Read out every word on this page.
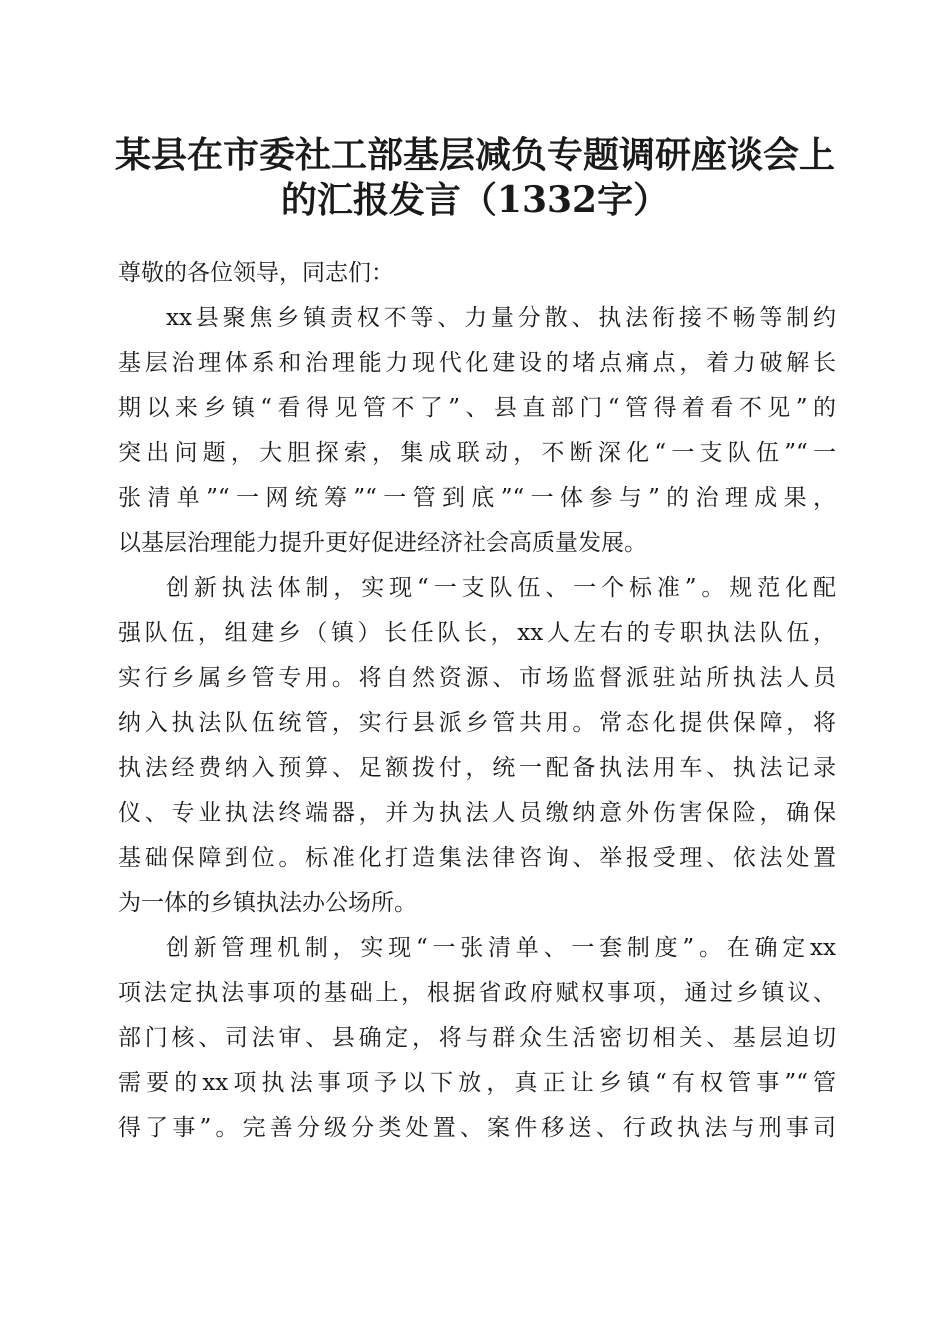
某县在市委社工部基层减负专题调研座谈会上
的汇报发言（1332字）
尊敬的各位领导，同志们：
xx县聚焦乡镇责权不等、力量分散、执法衔接不畅等制约
基层治理体系和治理能力现代化建设的堵点痛点，着力破解长
期以来乡镇“看得见管不了”、县直部门“管得着看不见”的
突出问题，大胆探索，集成联动，不断深化“一支队伍”“一
张清单”“一网统筹”“一管到底”“一体参与”的治理成果，
以基层治理能力提升更好促进经济社会高质量发展。
创新执法体制，实现“一支队伍、一个标准”。规范化配
强队伍，组建乡（镇）长任队长，xx人左右的专职执法队伍，
实行乡属乡管专用。将自然资源、市场监督派驻站所执法人员
纳入执法队伍统管，实行县派乡管共用。常态化提供保障，将
执法经费纳入预算、足额拨付，统一配备执法用车、执法记录
仪、专业执法终端器，并为执法人员缴纳意外伤害保险，确保
基础保障到位。标准化打造集法律咨询、举报受理、依法处置
为一体的乡镇执法办公场所。
创新管理机制，实现“一张清单、一套制度”。在确定xx
项法定执法事项的基础上，根据省政府赋权事项，通过乡镇议、
部门核、司法审、县确定，将与群众生活密切相关、基层迫切
需要的xx项执法事项予以下放，真正让乡镇“有权管事”“管
得了事”。完善分级分类处置、案件移送、行政执法与刑事司
